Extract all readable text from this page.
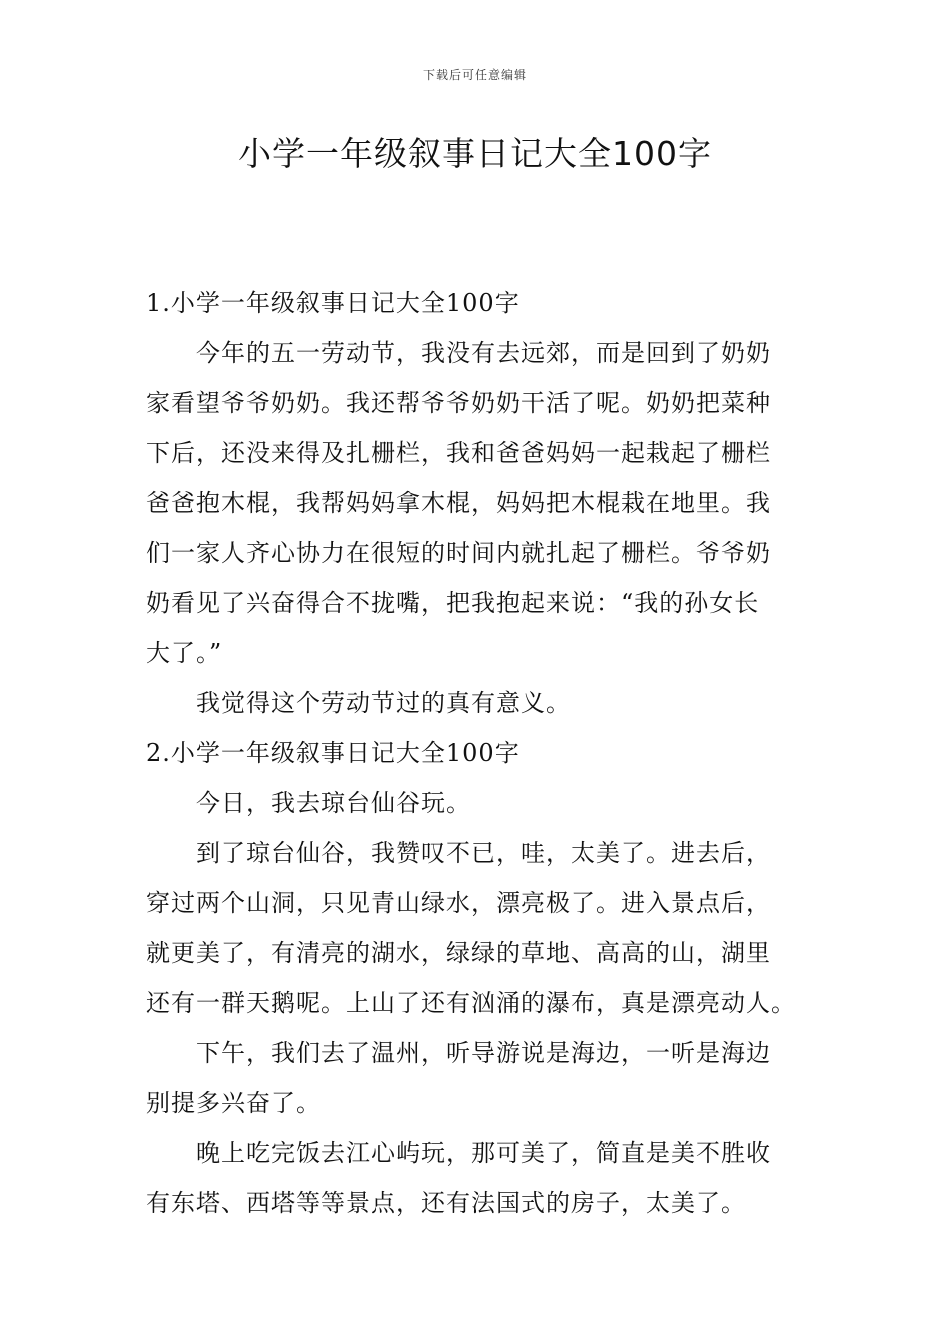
下载后可任意编辑
小学一年级叙事日记大全100字
1.小学一年级叙事日记大全100字
今年的五一劳动节，我没有去远郊，而是回到了奶奶
家看望爷爷奶奶。我还帮爷爷奶奶干活了呢。奶奶把菜种
下后，还没来得及扎栅栏，我和爸爸妈妈一起栽起了栅栏
爸爸抱木棍，我帮妈妈拿木棍，妈妈把木棍栽在地里。我
们一家人齐心协力在很短的时间内就扎起了栅栏。爷爷奶
奶看见了兴奋得合不拢嘴，把我抱起来说：“我的孙女长
大了。”
我觉得这个劳动节过的真有意义。
2.小学一年级叙事日记大全100字
今日，我去琼台仙谷玩。
到了琼台仙谷，我赞叹不已，哇，太美了。进去后，
穿过两个山洞，只见青山绿水，漂亮极了。进入景点后，
就更美了，有清亮的湖水，绿绿的草地、高高的山，湖里
还有一群天鹅呢。上山了还有汹涌的瀑布，真是漂亮动人。
下午，我们去了温州，听导游说是海边，一听是海边
别提多兴奋了。
晚上吃完饭去江心屿玩，那可美了，简直是美不胜收
有东塔、西塔等等景点，还有法国式的房子，太美了。
